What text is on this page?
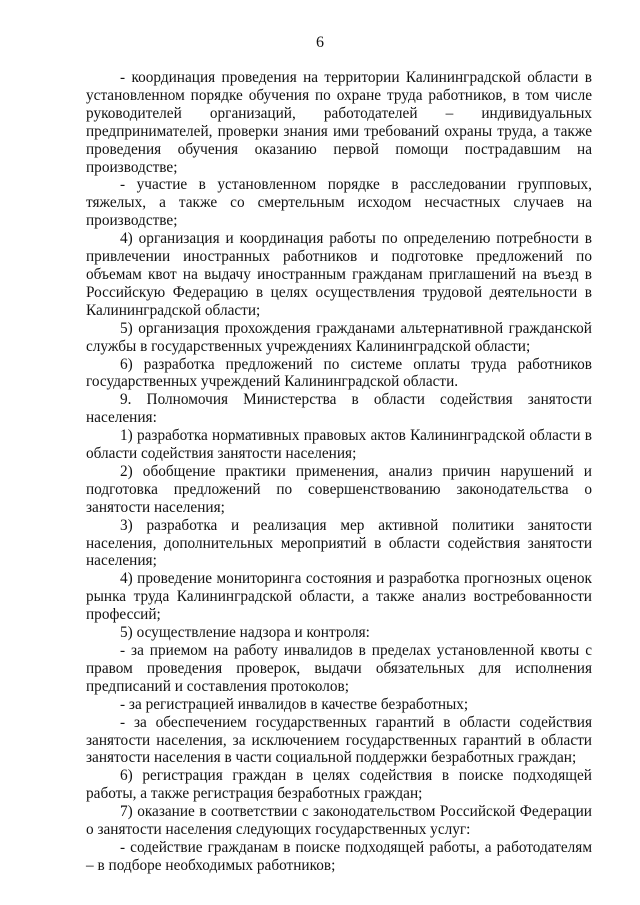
6

- координация проведения на территории Калининградской области в установленном порядке обучения по охране труда работников, в том числе руководителей организаций, работодателей – индивидуальных предпринимателей, проверки знания ими требований охраны труда, а также проведения обучения оказанию первой помощи пострадавшим на производстве;

- участие в установленном порядке в расследовании групповых, тяжелых, а также со смертельным исходом несчастных случаев на производстве;

4) организация и координация работы по определению потребности в привлечении иностранных работников и подготовке предложений по объемам квот на выдачу иностранным гражданам приглашений на въезд в Российскую Федерацию в целях осуществления трудовой деятельности в Калининградской области;

5) организация прохождения гражданами альтернативной гражданской службы в государственных учреждениях Калининградской области;

6) разработка предложений по системе оплаты труда работников государственных учреждений Калининградской области.

9. Полномочия Министерства в области содействия занятости населения:

1) разработка нормативных правовых актов Калининградской области в области содействия занятости населения;

2) обобщение практики применения, анализ причин нарушений и подготовка предложений по совершенствованию законодательства о занятости населения;

3) разработка и реализация мер активной политики занятости населения, дополнительных мероприятий в области содействия занятости населения;

4) проведение мониторинга состояния и разработка прогнозных оценок рынка труда Калининградской области, а также анализ востребованности профессий;

5) осуществление надзора и контроля:

- за приемом на работу инвалидов в пределах установленной квоты с правом проведения проверок, выдачи обязательных для исполнения предписаний и составления протоколов;

- за регистрацией инвалидов в качестве безработных;

- за обеспечением государственных гарантий в области содействия занятости населения, за исключением государственных гарантий в области занятости населения в части социальной поддержки безработных граждан;

6) регистрация граждан в целях содействия в поиске подходящей работы, а также регистрация безработных граждан;

7) оказание в соответствии с законодательством Российской Федерации о занятости населения следующих государственных услуг:

- содействие гражданам в поиске подходящей работы, а работодателям – в подборе необходимых работников;
